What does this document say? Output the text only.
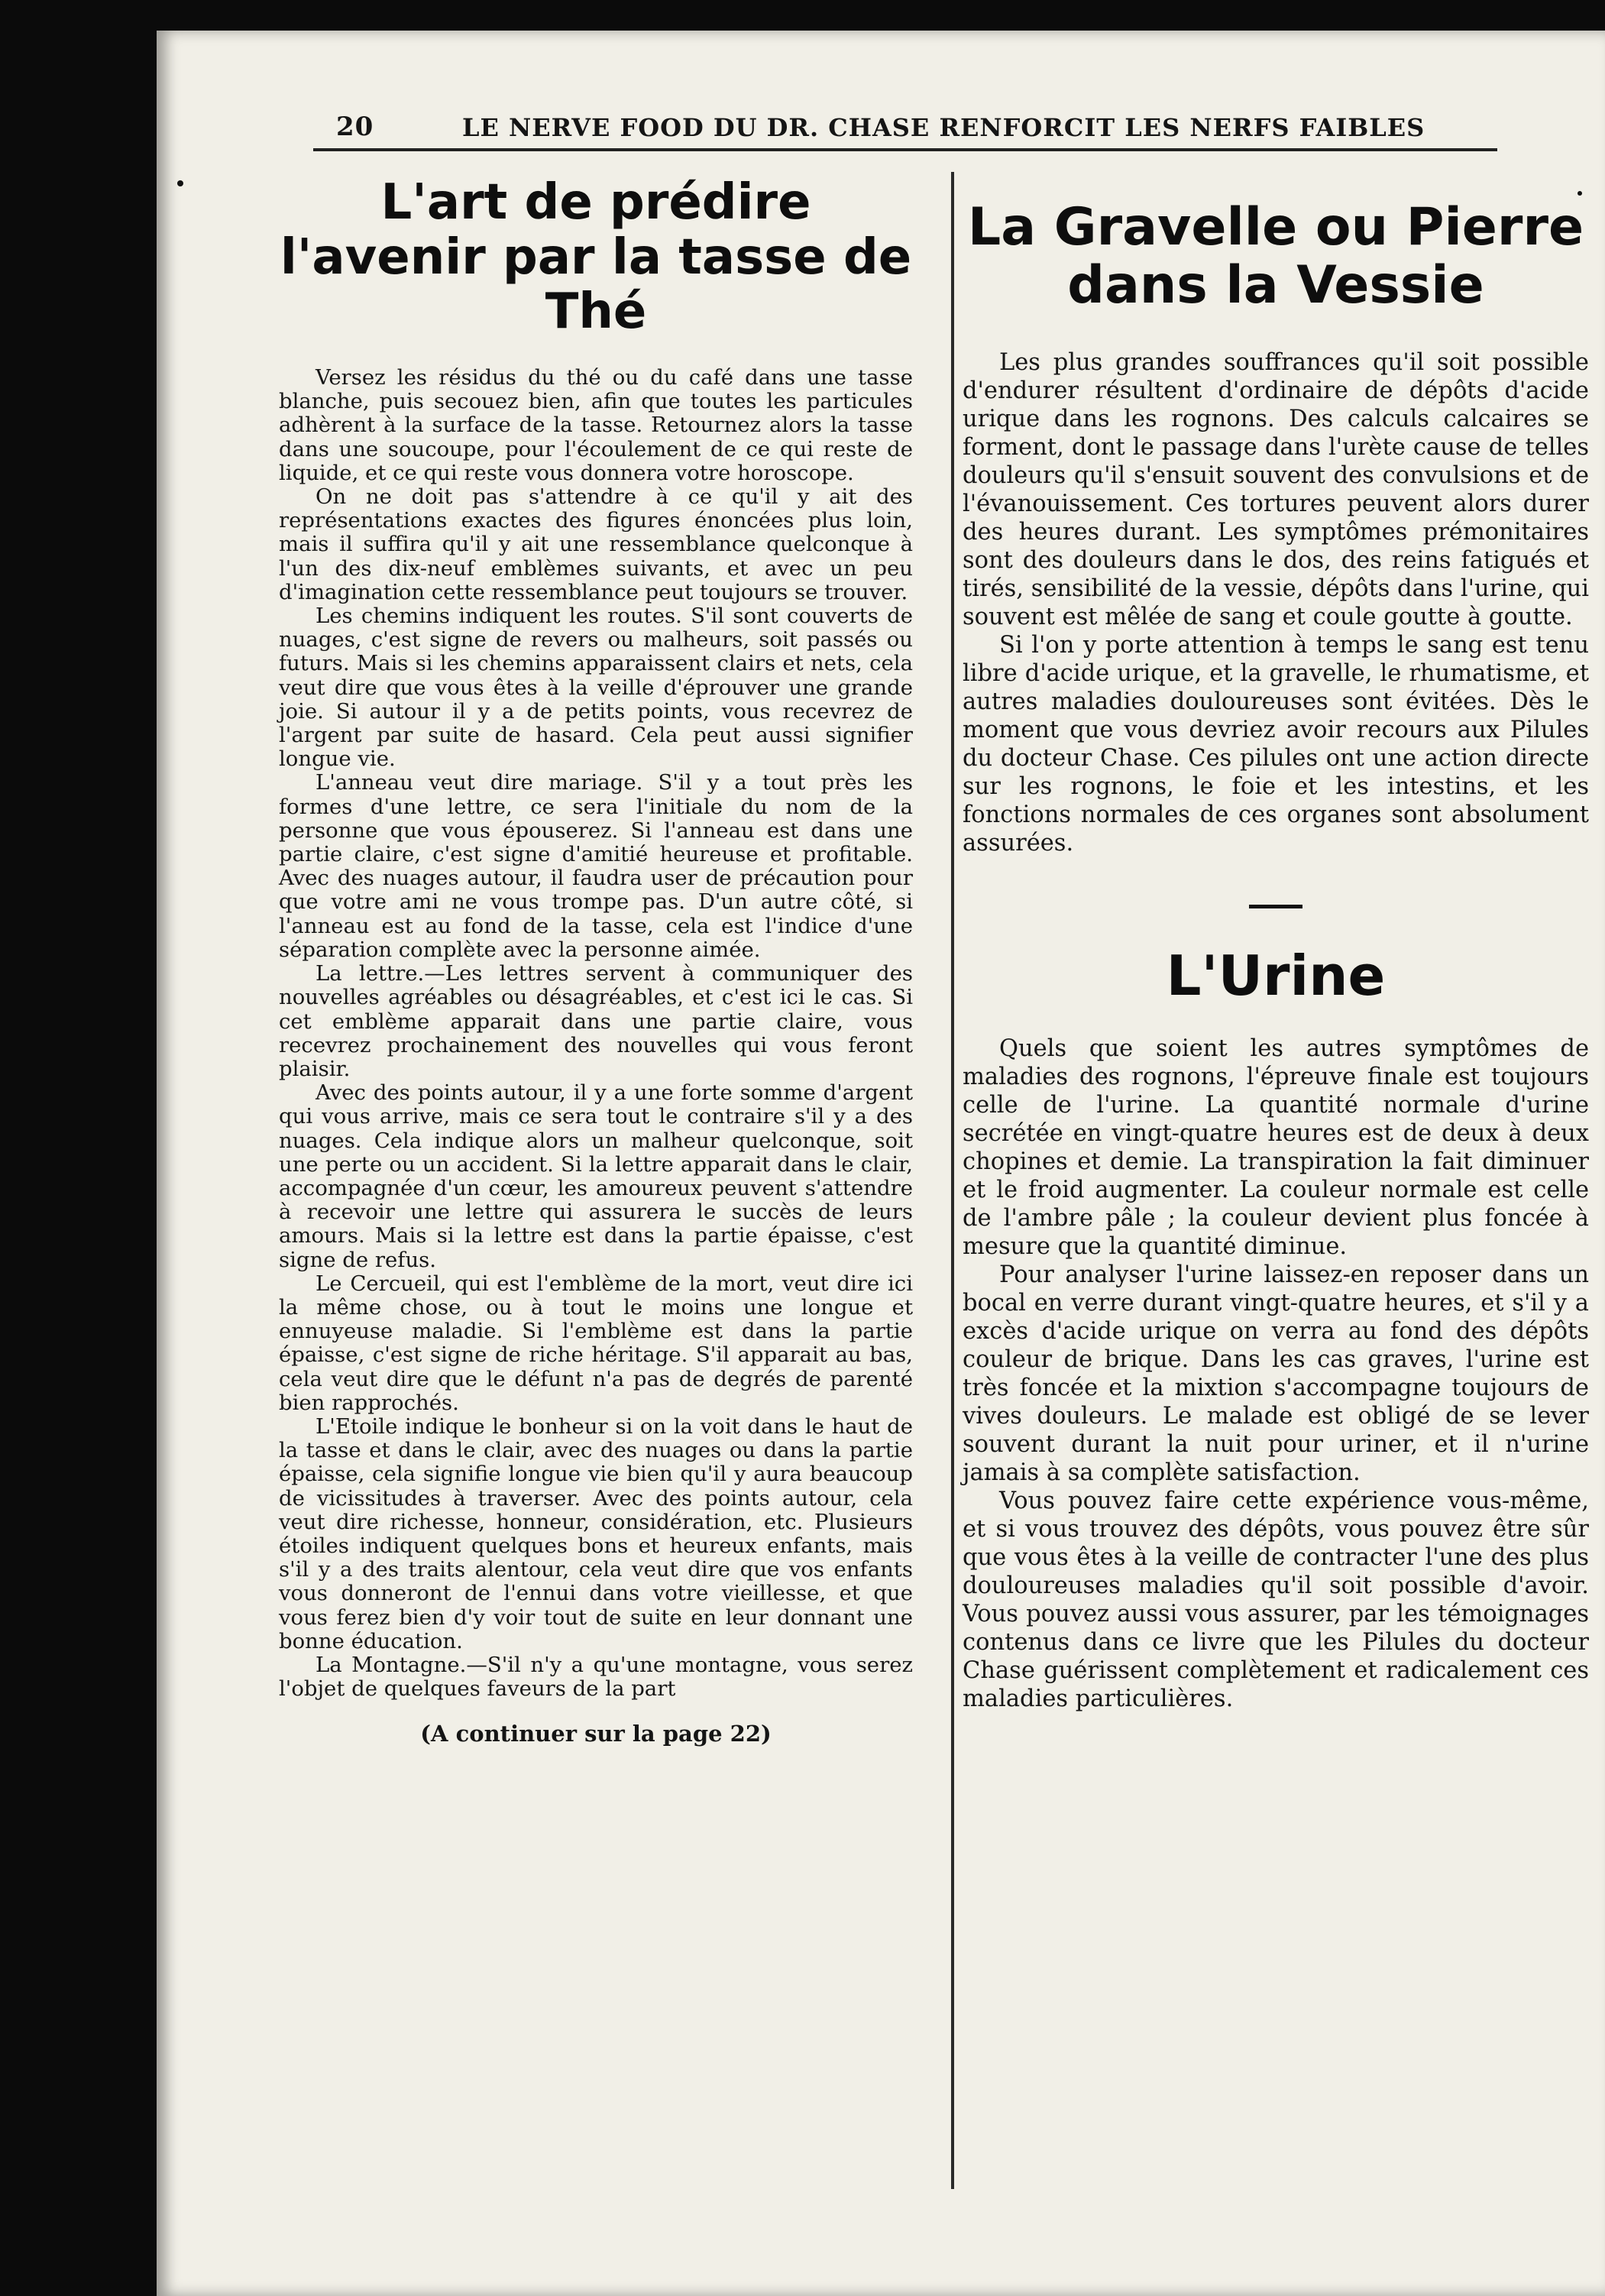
20	LE NERVE FOOD DU DR. CHASE RENFORCIT LES NERFS FAIBLES
L'art de prédire l'avenir par la tasse de Thé

Versez les résidus du thé ou du café dans une tasse blanche, puis secouez bien, afin que toutes les particules adhèrent à la surface de la tasse. Retournez alors la tasse dans une soucoupe, pour l'écoulement de ce qui reste de liquide, et ce qui reste vous donnera votre horoscope.

On ne doit pas s'attendre à ce qu'il y ait des représentations exactes des figures énoncées plus loin, mais il suffira qu'il y ait une ressemblance quelconque à l'un des dix-neuf emblèmes suivants, et avec un peu d'imagination cette ressemblance peut toujours se trouver.

Les chemins indiquent les routes. S'il sont couverts de nuages, c'est signe de revers ou malheurs, soit passés ou futurs. Mais si les chemins apparaissent clairs et nets, cela veut dire que vous êtes à la veille d'éprouver une grande joie. Si autour il y a de petits points, vous recevrez de l'argent par suite de hasard. Cela peut aussi signifier longue vie.

L'anneau veut dire mariage. S'il y a tout près les formes d'une lettre, ce sera l'initiale du nom de la personne que vous épouserez. Si l'anneau est dans une partie claire, c'est signe d'amitié heureuse et profitable. Avec des nuages autour, il faudra user de précaution pour que votre ami ne vous trompe pas. D'un autre côté, si l'anneau est au fond de la tasse, cela est l'indice d'une séparation complète avec la personne aimée.

La lettre.—Les lettres servent à communiquer des nouvelles agréables ou désagréables, et c'est ici le cas. Si cet emblème apparait dans une partie claire, vous recevrez prochainement des nouvelles qui vous feront plaisir.

Avec des points autour, il y a une forte somme d'argent qui vous arrive, mais ce sera tout le contraire s'il y a des nuages. Cela indique alors un malheur quelconque, soit une perte ou un accident. Si la lettre apparait dans le clair, accompagnée d'un cœur, les amoureux peuvent s'attendre à recevoir une lettre qui assurera le succès de leurs amours. Mais si la lettre est dans la partie épaisse, c'est signe de refus.

Le Cercueil, qui est l'emblème de la mort, veut dire ici la même chose, ou à tout le moins une longue et ennuyeuse maladie. Si l'emblème est dans la partie épaisse, c'est signe de riche héritage. S'il apparait au bas, cela veut dire que le défunt n'a pas de degrés de parenté bien rapprochés.

L'Etoile indique le bonheur si on la voit dans le haut de la tasse et dans le clair, avec des nuages ou dans la partie épaisse, cela signifie longue vie bien qu'il y aura beaucoup de vicissitudes à traverser. Avec des points autour, cela veut dire richesse, honneur, considération, etc. Plusieurs étoiles indiquent quelques bons et heureux enfants, mais s'il y a des traits alentour, cela veut dire que vos enfants vous donneront de l'ennui dans votre vieillesse, et que vous ferez bien d'y voir tout de suite en leur donnant une bonne éducation.

La Montagne.—S'il n'y a qu'une montagne, vous serez l'objet de quelques faveurs de la part

(A continuer sur la page 22)
La Gravelle ou Pierre dans la Vessie

Les plus grandes souffrances qu'il soit possible d'endurer résultent d'ordinaire de dépôts d'acide urique dans les rognons. Des calculs calcaires se forment, dont le passage dans l'urète cause de telles douleurs qu'il s'ensuit souvent des convulsions et de l'évanouissement. Ces tortures peuvent alors durer des heures durant. Les symptômes prémonitaires sont des douleurs dans le dos, des reins fatigués et tirés, sensibilité de la vessie, dépôts dans l'urine, qui souvent est mêlée de sang et coule goutte à goutte.

Si l'on y porte attention à temps le sang est tenu libre d'acide urique, et la gravelle, le rhumatisme, et autres maladies douloureuses sont évitées. Dès le moment que vous devriez avoir recours aux Pilules du docteur Chase. Ces pilules ont une action directe sur les rognons, le foie et les intestins, et les fonctions normales de ces organes sont absolument assurées.

L'Urine

Quels que soient les autres symptômes de maladies des rognons, l'épreuve finale est toujours celle de l'urine. La quantité normale d'urine secrétée en vingt-quatre heures est de deux à deux chopines et demie. La transpiration la fait diminuer et le froid augmenter. La couleur normale est celle de l'ambre pâle ; la couleur devient plus foncée à mesure que la quantité diminue.

Pour analyser l'urine laissez-en reposer dans un bocal en verre durant vingt-quatre heures, et s'il y a excès d'acide urique on verra au fond des dépôts couleur de brique. Dans les cas graves, l'urine est très foncée et la mixtion s'accompagne toujours de vives douleurs. Le malade est obligé de se lever souvent durant la nuit pour uriner, et il n'urine jamais à sa complète satisfaction.

Vous pouvez faire cette expérience vous-même, et si vous trouvez des dépôts, vous pouvez être sûr que vous êtes à la veille de contracter l'une des plus douloureuses maladies qu'il soit possible d'avoir. Vous pouvez aussi vous assurer, par les témoignages contenus dans ce livre que les Pilules du docteur Chase guérissent complètement et radicalement ces maladies particulières.
